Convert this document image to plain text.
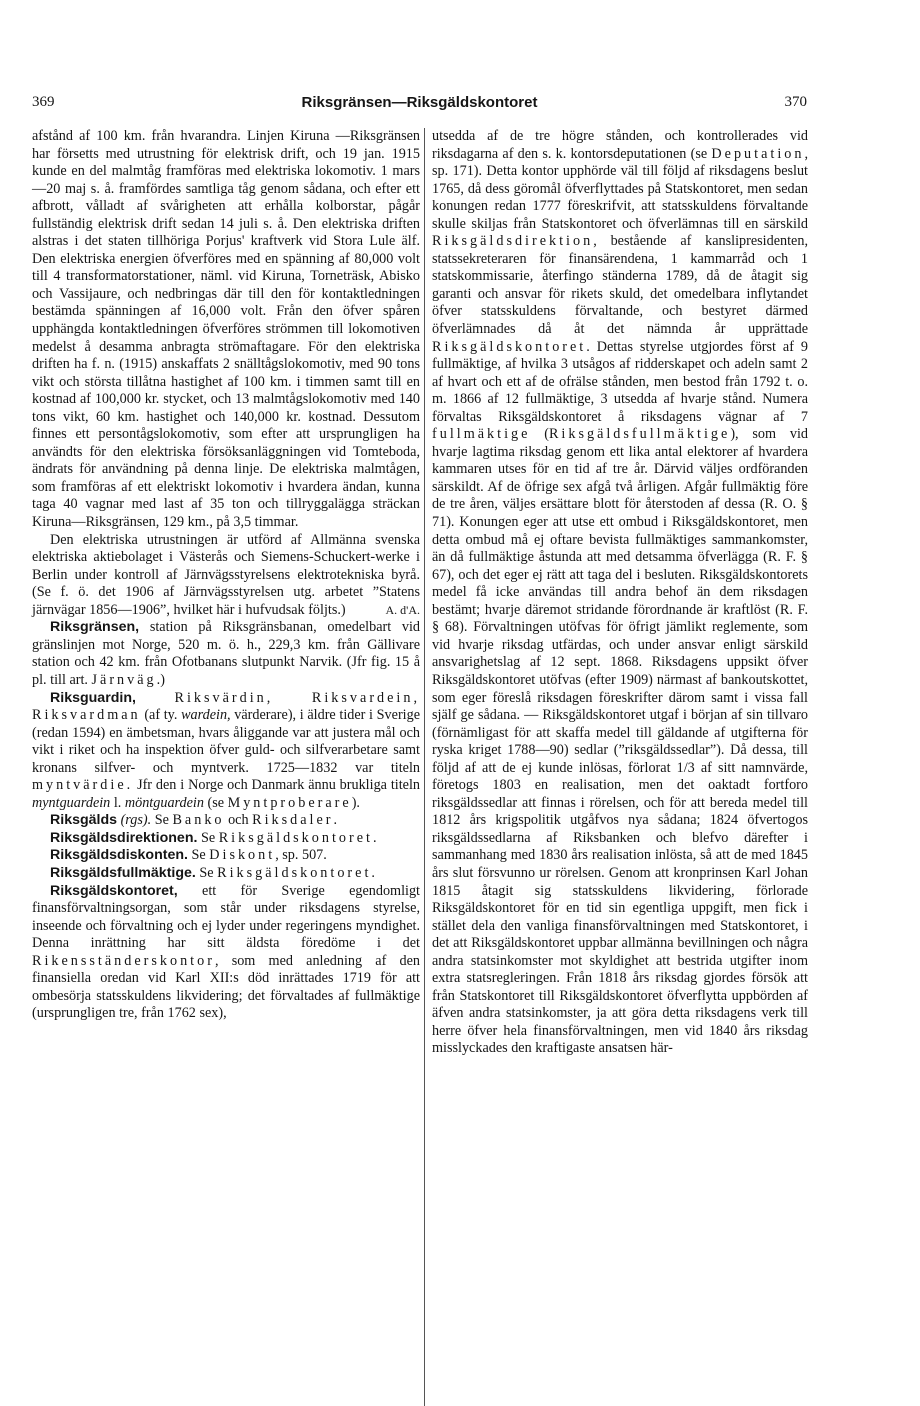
369	Riksgränsen—Riksgäldskontoret	370

afstånd af 100 km. från hvarandra. Linjen Kiruna —Riksgränsen har försetts med utrustning för elektrisk drift, och 19 jan. 1915 kunde en del malmtåg framföras med elektriska lokomotiv. 1 mars—20 maj s. å. framfördes samtliga tåg genom sådana, och efter ett afbrott, vålladt af svårigheten att erhålla kolborstar, pågår fullständig elektrisk drift sedan 14 juli s. å. Den elektriska driften alstras i det staten tillhöriga Porjus' kraftverk vid Stora Lule älf. Den elektriska energien öfverföres med en spänning af 80,000 volt till 4 transformatorstationer, näml. vid Kiruna, Torneträsk, Abisko och Vassijaure, och nedbringas där till den för kontaktledningen bestämda spänningen af 16,000 volt. Från den öfver spåren upphängda kontaktledningen öfverföres strömmen till lokomotiven medelst å desamma anbragta strömaftagare. För den elektriska driften ha f. n. (1915) anskaffats 2 snälltågslokomotiv, med 90 tons vikt och största tillåtna hastighet af 100 km. i timmen samt till en kostnad af 100,000 kr. stycket, och 13 malmtågslokomotiv med 140 tons vikt, 60 km. hastighet och 140,000 kr. kostnad. Dessutom finnes ett persontågslokomotiv, som efter att ursprungligen ha användts för den elektriska försöksanläggningen vid Tomteboda, ändrats för användning på denna linje. De elektriska malmtågen, som framföras af ett elektriskt lokomotiv i hvardera ändan, kunna taga 40 vagnar med last af 35 ton och tillryggalägga sträckan Kiruna—Riksgränsen, 129 km., på 3,5 timmar.

Den elektriska utrustningen är utförd af Allmänna svenska elektriska aktiebolaget i Västerås och Siemens-Schuckert-werke i Berlin under kontroll af Järnvägsstyrelsens elektrotekniska byrå. (Se f. ö. det 1906 af Järnvägsstyrelsen utg. arbetet ”Statens järnvägar 1856—1906”, hvilket här i hufvudsak följts.)	A. d'A.

Riksgränsen, station på Riksgränsbanan, omedelbart vid gränslinjen mot Norge, 520 m. ö. h., 229,3 km. från Gällivare station och 42 km. från Ofotbanans slutpunkt Narvik. (Jfr fig. 15 å pl. till art. Järnväg.)

Riksguardin,	Riksvärdin,	Riksvardein, Riksvardman (af ty. wardein, värderare), i äldre tider i Sverige (redan 1594) en ämbetsman, hvars åliggande var att justera mål och vikt i riket och ha inspektion öfver guld- och silfverarbetare samt kronans silfver- och myntverk. 1725—1832 var titeln myntvärdie. Jfr den i Norge och Danmark ännu brukliga titeln myntguardein l. möntguardein (se Myntproberare).

Riksgälds (rgs). Se Banko och Riksdaler.

Riksgäldsdirektionen. Se Riksgäldskontoret.

Riksgäldsdiskonten. Se Diskont, sp. 507.

Riksgäldsfullmäktige. Se Riksgäldskontoret.

Riksgäldskontoret, ett för Sverige egendomligt finansförvaltningsorgan, som står under riksdagens styrelse, inseende och förvaltning och ej lyder under regeringens myndighet. Denna inrättning har sitt äldsta föredöme i det Rikensständerskontor, som med anledning af den finansiella oredan vid Karl XII:s död inrättades 1719 för att ombesörja statsskuldens likvidering; det förvaltades af fullmäktige (ursprungligen tre, från 1762 sex),

utsedda af de tre högre stånden, och kontrollerades vid riksdagarna af den s. k. kontorsdeputationen (se Deputation, sp. 171). Detta kontor upphörde väl till följd af riksdagens beslut 1765, då dess göromål öfverflyttades på Statskontoret, men sedan konungen redan 1777 föreskrifvit, att statsskuldens förvaltande skulle skiljas från Statskontoret och öfverlämnas till en särskild Riksgäldsdirektion, bestående af kanslipresidenten, statssekreteraren för finansärendena, 1 kammarråd och 1 statskommissarie, återfingo ständerna 1789, då de åtagit sig garanti och ansvar för rikets skuld, det omedelbara inflytandet öfver statsskuldens förvaltande, och bestyret därmed öfverlämnades då åt det nämnda år upprättade Riksgäldskontoret. Dettas styrelse utgjordes först af 9 fullmäktige, af hvilka 3 utsågos af ridderskapet och adeln samt 2 af hvart och ett af de ofrälse stånden, men bestod från 1792 t. o. m. 1866 af 12 fullmäktige, 3 utsedda af hvarje stånd. Numera förvaltas Riksgäldskontoret å riksdagens vägnar af 7 fullmäktige (Riksgäldsfullmäktige), som vid hvarje lagtima riksdag genom ett lika antal elektorer af hvardera kammaren utses för en tid af tre år. Därvid väljes ordföranden särskildt. Af de öfrige sex afgå två årligen. Afgår fullmäktig före de tre åren, väljes ersättare blott för återstoden af dessa (R. O. § 71). Konungen eger att utse ett ombud i Riksgäldskontoret, men detta ombud må ej oftare bevista fullmäktiges sammankomster, än då fullmäktige åstunda att med detsamma öfverlägga (R. F. § 67), och det eger ej rätt att taga del i besluten. Riksgäldskontorets medel få icke användas till andra behof än dem riksdagen bestämt; hvarje däremot stridande förordnande är kraftlöst (R. F. § 68). Förvaltningen utöfvas för öfrigt jämlikt reglemente, som vid hvarje riksdag utfärdas, och under ansvar enligt särskild ansvarighetslag af 12 sept. 1868. Riksdagens uppsikt öfver Riksgäldskontoret utöfvas (efter 1909) närmast af bankoutskottet, som eger föreslå riksdagen föreskrifter därom samt i vissa fall själf ge sådana. — Riksgäldskontoret utgaf i början af sin tillvaro (förnämligast för att skaffa medel till gäldande af utgifterna för ryska kriget 1788—90) sedlar (”riksgäldssedlar”). Då dessa, till följd af att de ej kunde inlösas, förlorat 1/3 af sitt namnvärde, företogs 1803 en realisation, men det oaktadt fortforo riksgäldssedlar att finnas i rörelsen, och för att bereda medel till 1812 års krigspolitik utgåfvos nya sådana; 1824 öfvertogos riksgäldssedlarna af Riksbanken och blefvo därefter i sammanhang med 1830 års realisation inlösta, så att de med 1845 års slut försvunno ur rörelsen. Genom att kronprinsen Karl Johan 1815 åtagit sig statsskuldens likvidering, förlorade Riksgäldskontoret för en tid sin egentliga uppgift, men fick i stället dela den vanliga finansförvaltningen med Statskontoret, i det att Riksgäldskontoret uppbar allmänna bevillningen och några andra statsinkomster mot skyldighet att bestrida utgifter inom extra statsregleringen. Från 1818 års riksdag gjordes försök att från Statskontoret till Riksgäldskontoret öfverflytta uppbörden af äfven andra statsinkomster, ja att göra detta riksdagens verk till herre öfver hela finansförvaltningen, men vid 1840 års riksdag misslyckades den kraftigaste ansatsen här-
